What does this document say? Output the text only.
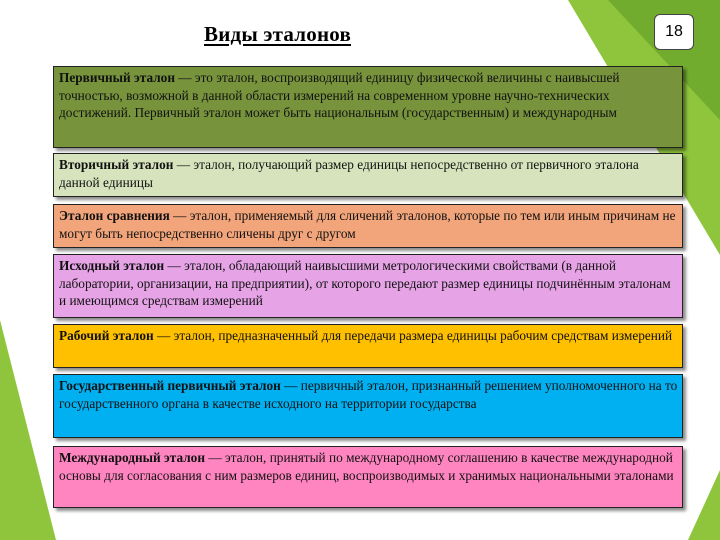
Виды эталонов	18
Первичный эталон — это эталон, воспроизводящий единицу физической величины с наивысшей точностью, возможной в данной области измерений на современном уровне научно-технических достижений. Первичный эталон может быть национальным (государственным) и международным
Вторичный эталон — эталон, получающий размер единицы непосредственно от первичного эталона данной единицы
Эталон сравнения — эталон, применяемый для сличений эталонов, которые по тем или иным причинам не могут быть непосредственно сличены друг с другом
Исходный эталон — эталон, обладающий наивысшими метрологическими свойствами (в данной лаборатории, организации, на предприятии), от которого передают размер единицы подчинённым эталонам и имеющимся средствам измерений
Рабочий эталон — эталон, предназначенный для передачи размера единицы рабочим средствам измерений
Государственный первичный эталон — первичный эталон, признанный решением уполномоченного на то государственного органа в качестве исходного на территории государства
Международный эталон — эталон, принятый по международному соглашению в качестве международной основы для согласования с ним размеров единиц, воспроизводимых и хранимых национальными эталонами
